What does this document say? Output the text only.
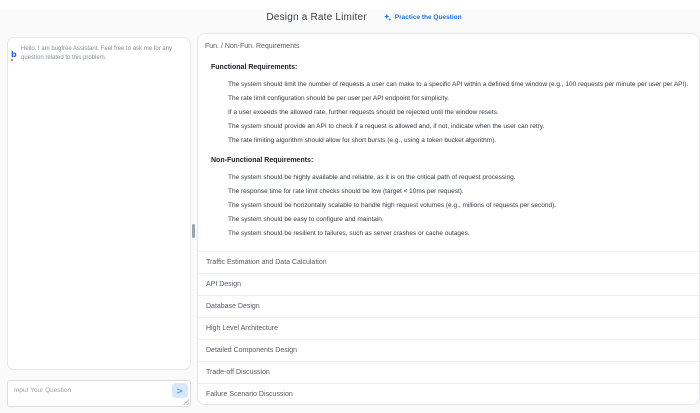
Design a Rate Limiter	Practice the Question
b
Hello, I am bugfree Assistant. Feel free to ask me for any question related to this problem.
Input Your Question
Fun. / Non-Fun. Requirements
Functional Requirements:
• The system should limit the number of requests a user can make to a specific API within a defined time window (e.g., 100 requests per minute per user per API).
• The rate limit configuration should be per user per API endpoint for simplicity.
• If a user exceeds the allowed rate, further requests should be rejected until the window resets.
• The system should provide an API to check if a request is allowed and, if not, indicate when the user can retry.
• The rate limiting algorithm should allow for short bursts (e.g., using a token bucket algorithm).
Non-Functional Requirements:
• The system should be highly available and reliable, as it is on the critical path of request processing.
• The response time for rate limit checks should be low (target < 10ms per request).
• The system should be horizontally scalable to handle high request volumes (e.g., millions of requests per second).
• The system should be easy to configure and maintain.
• The system should be resilient to failures, such as server crashes or cache outages.
Traffic Estimation and Data Calculation
API Design
Database Design
High Level Architecture
Detailed Components Design
Trade-off Discussion
Failure Scenario Discussion
